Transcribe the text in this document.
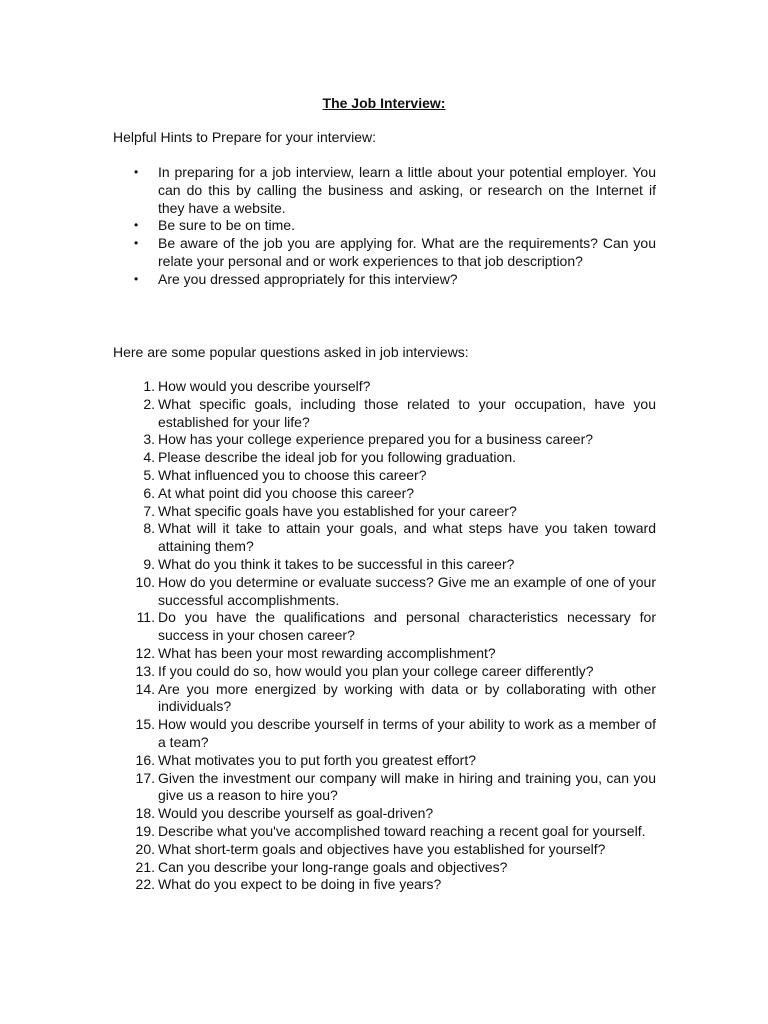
The Job Interview:
Helpful Hints to Prepare for your interview:
•	In preparing for a job interview, learn a little about your potential employer. You can do this by calling the business and asking, or research on the Internet if they have a website.
•	Be sure to be on time.
•	Be aware of the job you are applying for. What are the requirements? Can you relate your personal and or work experiences to that job description?
•	Are you dressed appropriately for this interview?
Here are some popular questions asked in job interviews:
1. How would you describe yourself?
2. What specific goals, including those related to your occupation, have you established for your life?
3. How has your college experience prepared you for a business career?
4. Please describe the ideal job for you following graduation.
5. What influenced you to choose this career?
6. At what point did you choose this career?
7. What specific goals have you established for your career?
8. What will it take to attain your goals, and what steps have you taken toward attaining them?
9. What do you think it takes to be successful in this career?
10. How do you determine or evaluate success? Give me an example of one of your successful accomplishments.
11. Do you have the qualifications and personal characteristics necessary for success in your chosen career?
12. What has been your most rewarding accomplishment?
13. If you could do so, how would you plan your college career differently?
14. Are you more energized by working with data or by collaborating with other individuals?
15. How would you describe yourself in terms of your ability to work as a member of a team?
16. What motivates you to put forth you greatest effort?
17. Given the investment our company will make in hiring and training you, can you give us a reason to hire you?
18. Would you describe yourself as goal-driven?
19. Describe what you've accomplished toward reaching a recent goal for yourself.
20. What short-term goals and objectives have you established for yourself?
21. Can you describe your long-range goals and objectives?
22. What do you expect to be doing in five years?
